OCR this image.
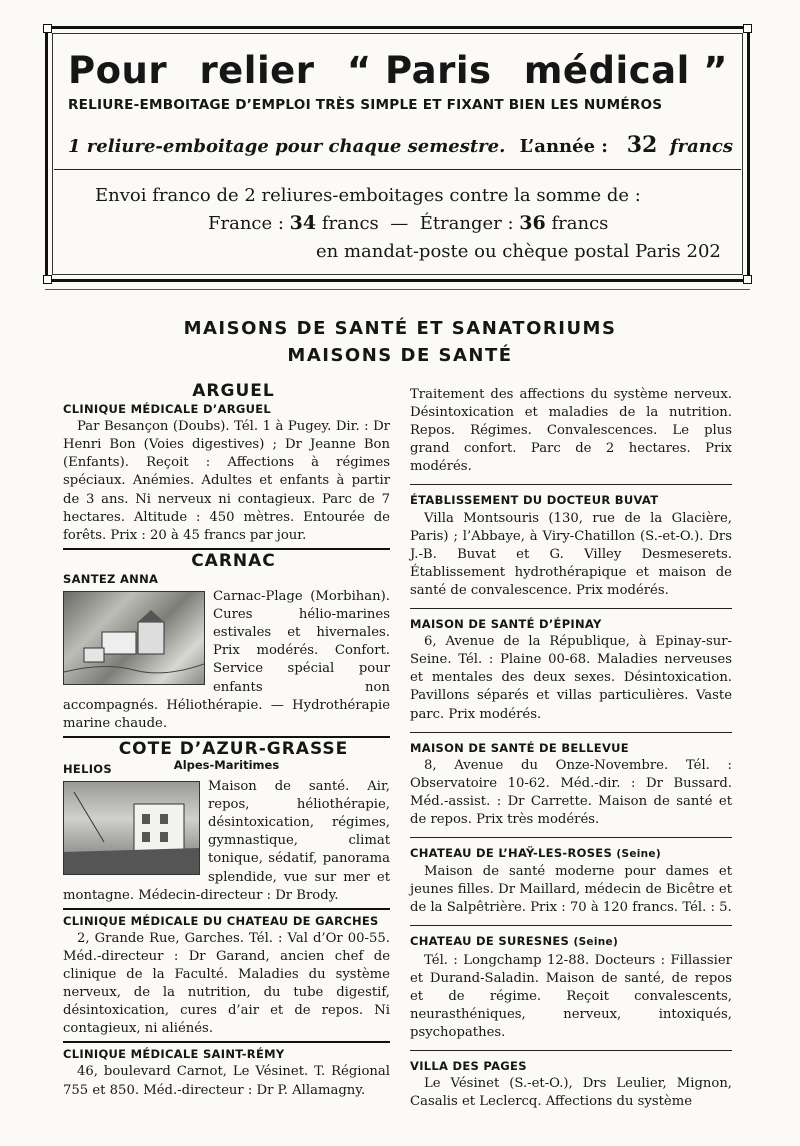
Pour relier “ Paris médical ”
RELIURE-EMBOITAGE D’EMPLOI TRÈS SIMPLE ET FIXANT BIEN LES NUMÉROS
1 reliure-emboitage pour chaque semestre. L’année : 32 francs
Envoi franco de 2 reliures-emboitages contre la somme de :
France : 34 francs — Étranger : 36 francs
en mandat-poste ou chèque postal Paris 202
MAISONS DE SANTÉ ET SANATORIUMS
MAISONS DE SANTÉ

ARGUEL

CLINIQUE MÉDICALE D’ARGUEL

Par Besançon (Doubs). Tél. 1 à Pugey. Dir. : Dr Henri Bon (Voies digestives) ; Dr Jeanne Bon (Enfants). Reçoit : Affections à régimes spéciaux. Anémies. Adultes et enfants à partir de 3 ans. Ni nerveux ni contagieux. Parc de 7 hectares. Altitude : 450 mètres. Entourée de forêts. Prix : 20 à 45 francs par jour.

CARNAC

SANTEZ ANNA

Carnac-Plage (Morbihan). Cures hélio-marines estivales et hivernales. Prix modérés. Confort. Service spécial pour enfants non accompagnés. Héliothérapie. — Hydrothérapie marine chaude.

COTE D’AZUR-GRASSE

Alpes-Maritimes

HELIOS

Maison de santé. Air, repos, héliothérapie, désintoxication, régimes, gymnastique, climat tonique, sédatif, panorama splendide, vue sur mer et montagne. Médecin-directeur : Dr Brody.

CLINIQUE MÉDICALE DU CHATEAU DE GARCHES

2, Grande Rue, Garches. Tél. : Val d’Or 00-55. Méd.-directeur : Dr Garand, ancien chef de clinique de la Faculté. Maladies du système nerveux, de la nutrition, du tube digestif, désintoxication, cures d’air et de repos. Ni contagieux, ni aliénés.

CLINIQUE MÉDICALE SAINT-RÉMY

46, boulevard Carnot, Le Vésinet. T. Régional 755 et 850. Méd.-directeur : Dr P. Allamagny.

Traitement des affections du système nerveux. Désintoxication et maladies de la nutrition. Repos. Régimes. Convalescences. Le plus grand confort. Parc de 2 hectares. Prix modérés.

ÉTABLISSEMENT DU DOCTEUR BUVAT

Villa Montsouris (130, rue de la Glacière, Paris) ; l’Abbaye, à Viry-Chatillon (S.-et-O.). Drs J.-B. Buvat et G. Villey Desmeserets. Établissement hydrothérapique et maison de santé de convalescence. Prix modérés.

MAISON DE SANTÉ D’ÉPINAY

6, Avenue de la République, à Epinay-sur-Seine. Tél. : Plaine 00-68. Maladies nerveuses et mentales des deux sexes. Désintoxication. Pavillons séparés et villas particulières. Vaste parc. Prix modérés.

MAISON DE SANTÉ DE BELLEVUE

8, Avenue du Onze-Novembre. Tél. : Observatoire 10-62. Méd.-dir. : Dr Bussard. Méd.-assist. : Dr Carrette. Maison de santé et de repos. Prix très modérés.

CHATEAU DE L’HAŸ-LES-ROSES (Seine)

Maison de santé moderne pour dames et jeunes filles. Dr Maillard, médecin de Bicêtre et de la Salpêtrière. Prix : 70 à 120 francs. Tél. : 5.

CHATEAU DE SURESNES (Seine)

Tél. : Longchamp 12-88. Docteurs : Fillassier et Durand-Saladin. Maison de santé, de repos et de régime. Reçoit convalescents, neurasthéniques, nerveux, intoxiqués, psychopathes.

VILLA DES PAGES

Le Vésinet (S.-et-O.), Drs Leulier, Mignon, Casalis et Leclercq. Affections du système
